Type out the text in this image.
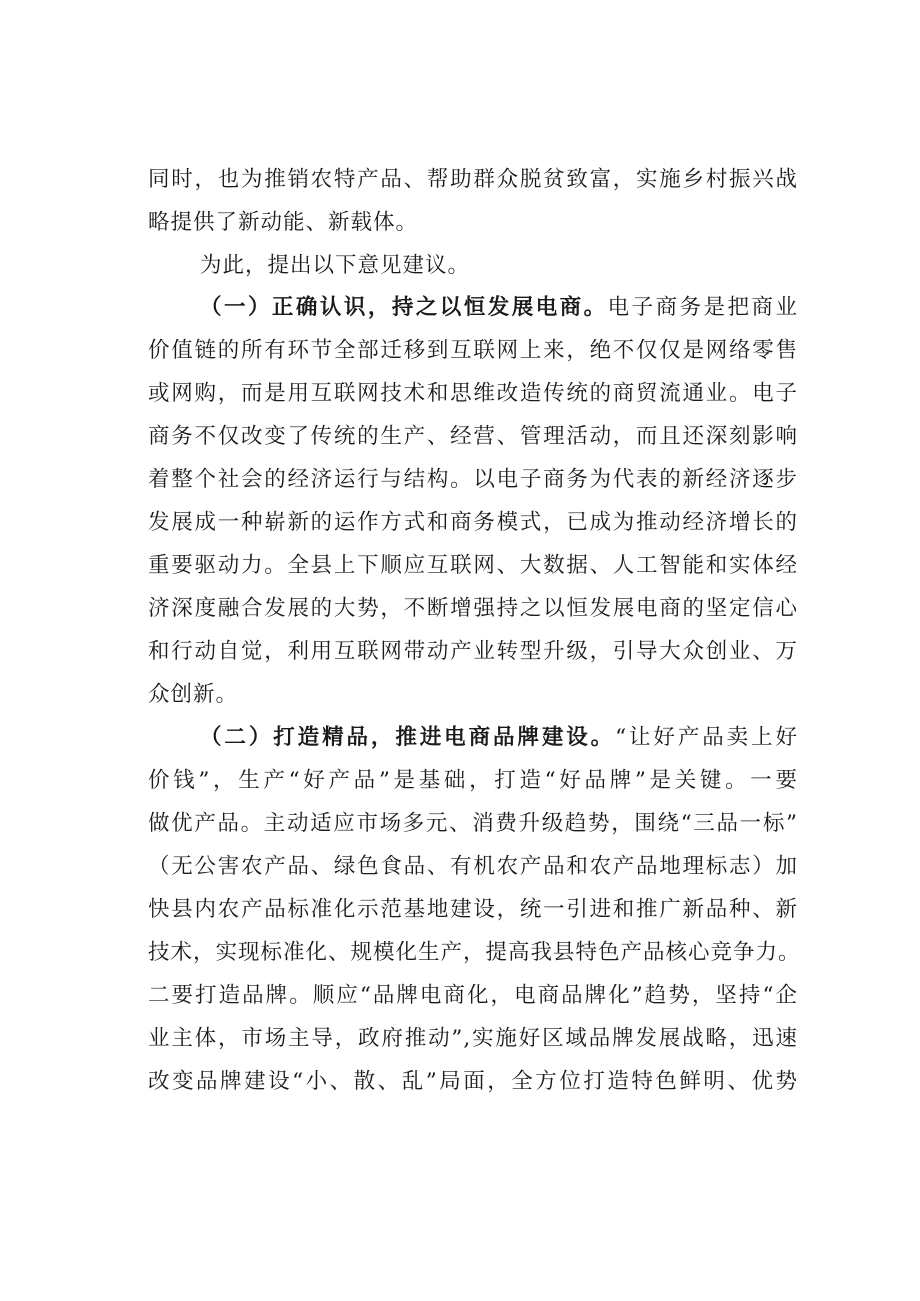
同时，也为推销农特产品、帮助群众脱贫致富，实施乡村振兴战
略提供了新动能、新载体。
为此，提出以下意见建议。
（一）正确认识，持之以恒发展电商。电子商务是把商业
价值链的所有环节全部迁移到互联网上来，绝不仅仅是网络零售
或网购，而是用互联网技术和思维改造传统的商贸流通业。电子
商务不仅改变了传统的生产、经营、管理活动，而且还深刻影响
着整个社会的经济运行与结构。以电子商务为代表的新经济逐步
发展成一种崭新的运作方式和商务模式，已成为推动经济增长的
重要驱动力。全县上下顺应互联网、大数据、人工智能和实体经
济深度融合发展的大势，不断增强持之以恒发展电商的坚定信心
和行动自觉，利用互联网带动产业转型升级，引导大众创业、万
众创新。
（二）打造精品，推进电商品牌建设。“让好产品卖上好
价钱”，生产“好产品”是基础，打造“好品牌”是关键。一要
做优产品。主动适应市场多元、消费升级趋势，围绕“三品一标”
（无公害农产品、绿色食品、有机农产品和农产品地理标志）加
快县内农产品标准化示范基地建设，统一引进和推广新品种、新
技术，实现标准化、规模化生产，提高我县特色产品核心竞争力。
二要打造品牌。顺应“品牌电商化，电商品牌化”趋势，坚持“企
业主体，市场主导，政府推动”,实施好区域品牌发展战略，迅速
改变品牌建设“小、散、乱”局面，全方位打造特色鲜明、优势
